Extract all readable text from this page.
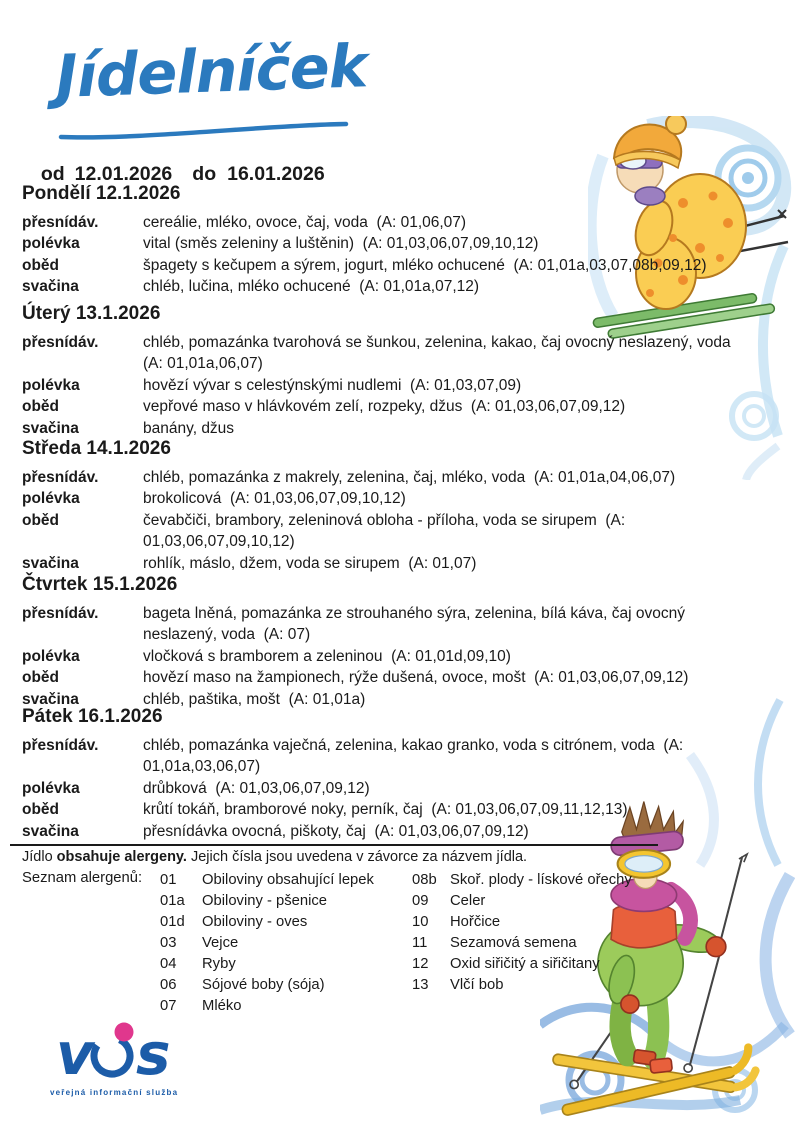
Jídelníček

od 12.01.2026 do 16.01.2026

Pondělí 12.1.2026
přesnídáv.	cereálie, mléko, ovoce, čaj, voda  (A: 01,06,07)
polévka	vital (směs zeleniny a luštěnin)  (A: 01,03,06,07,09,10,12)
oběd	špagety s kečupem a sýrem, jogurt, mléko ochucené  (A: 01,01a,03,07,08b,09,12)
svačina	chléb, lučina, mléko ochucené  (A: 01,01a,07,12)
Úterý 13.1.2026
přesnídáv.	chléb, pomazánka tvarohová se šunkou, zelenina, kakao, čaj ovocný neslazený, voda  (A: 01,01a,06,07)
polévka	hovězí vývar s celestýnskými nudlemi  (A: 01,03,07,09)
oběd	vepřové maso v hlávkovém zelí, rozpeky, džus  (A: 01,03,06,07,09,12)
svačina	banány, džus
Středa 14.1.2026
přesnídáv.	chléb, pomazánka z makrely, zelenina, čaj, mléko, voda  (A: 01,01a,04,06,07)
polévka	brokolicová  (A: 01,03,06,07,09,10,12)
oběd	čevabčiči, brambory, zeleninová obloha - příloha, voda se sirupem  (A: 01,03,06,07,09,10,12)
svačina	rohlík, máslo, džem, voda se sirupem  (A: 01,07)
Čtvrtek 15.1.2026
přesnídáv.	bageta lněná, pomazánka ze strouhaného sýra, zelenina, bílá káva, čaj ovocný neslazený, voda  (A: 07)
polévka	vločková s bramborem a zeleninou  (A: 01,01d,09,10)
oběd	hovězí maso na žampionech, rýže dušená, ovoce, mošt  (A: 01,03,06,07,09,12)
svačina	chléb, paštika, mošt  (A: 01,01a)
Pátek 16.1.2026
přesnídáv.	chléb, pomazánka vaječná, zelenina, kakao granko, voda s citrónem, voda  (A: 01,01a,03,06,07)
polévka	drůbková  (A: 01,03,06,07,09,12)
oběd	krůtí tokáň, bramborové noky, perník, čaj  (A: 01,03,06,07,09,11,12,13)
svačina	přesnídávka ovocná, piškoty, čaj  (A: 01,03,06,07,09,12)

Jídlo obsahuje alergeny. Jejich čísla jsou uvedena v závorce za názvem jídla.

Seznam alergenů: 01	Obiloviny obsahující lepek
01a	Obiloviny - pšenice
01d	Obiloviny - oves
03	Vejce
04	Ryby
06	Sójové boby (sója)
07	Mléko
08b Skoř. plody - lískové ořechy
09	Celer
10	Hořčice
11	Sezamová semena
12	Oxid siřičitý a siřičitany
13	Vlčí bob
v s
veřejná informační služba
